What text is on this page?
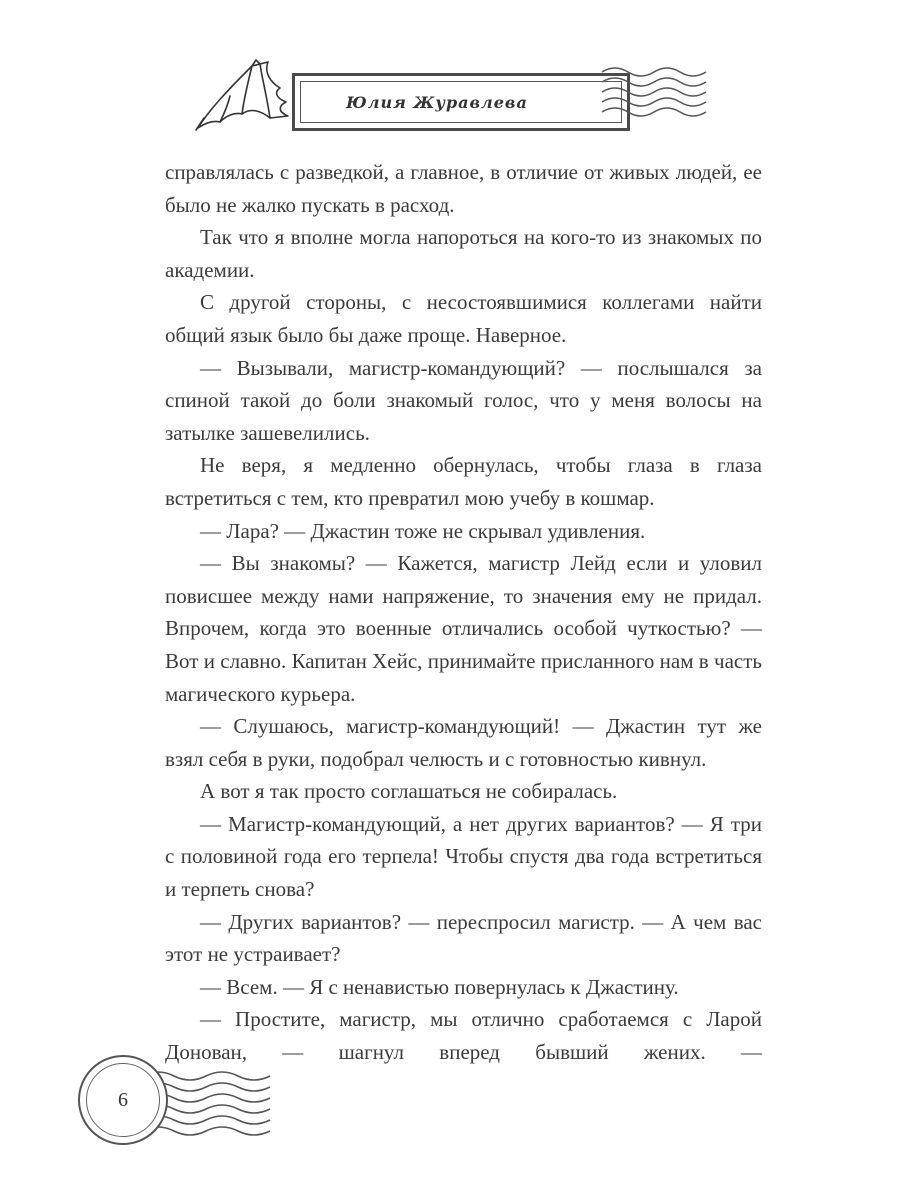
Юлия Журавлева

справлялась с разведкой, а главное, в отличие от живых людей, ее было не жалко пускать в расход.

Так что я вполне могла напороться на кого-то из знакомых по академии.

С другой стороны, с несостоявшимися коллегами найти общий язык было бы даже проще. Наверное.

— Вызывали, магистр-командующий? — послышался за спиной такой до боли знакомый голос, что у меня волосы на затылке зашевелились.

Не веря, я медленно обернулась, чтобы глаза в глаза встретиться с тем, кто превратил мою учебу в кошмар.

— Лара? — Джастин тоже не скрывал удивления.

— Вы знакомы? — Кажется, магистр Лейд если и уловил повисшее между нами напряжение, то значения ему не придал. Впрочем, когда это военные отличались особой чуткостью? — Вот и славно. Капитан Хейс, принимайте присланного нам в часть магического курьера.

— Слушаюсь, магистр-командующий! — Джастин тут же взял себя в руки, подобрал челюсть и с готовностью кивнул.

А вот я так просто соглашаться не собиралась.

— Магистр-командующий, а нет других вариантов? — Я три с половиной года его терпела! Чтобы спустя два года встретиться и терпеть снова?

— Других вариантов? — переспросил магистр. — А чем вас этот не устраивает?

— Всем. — Я с ненавистью повернулась к Джастину.

— Простите, магистр, мы отлично сработаемся с Ларой Донован, — шагнул вперед бывший жених. —

6
